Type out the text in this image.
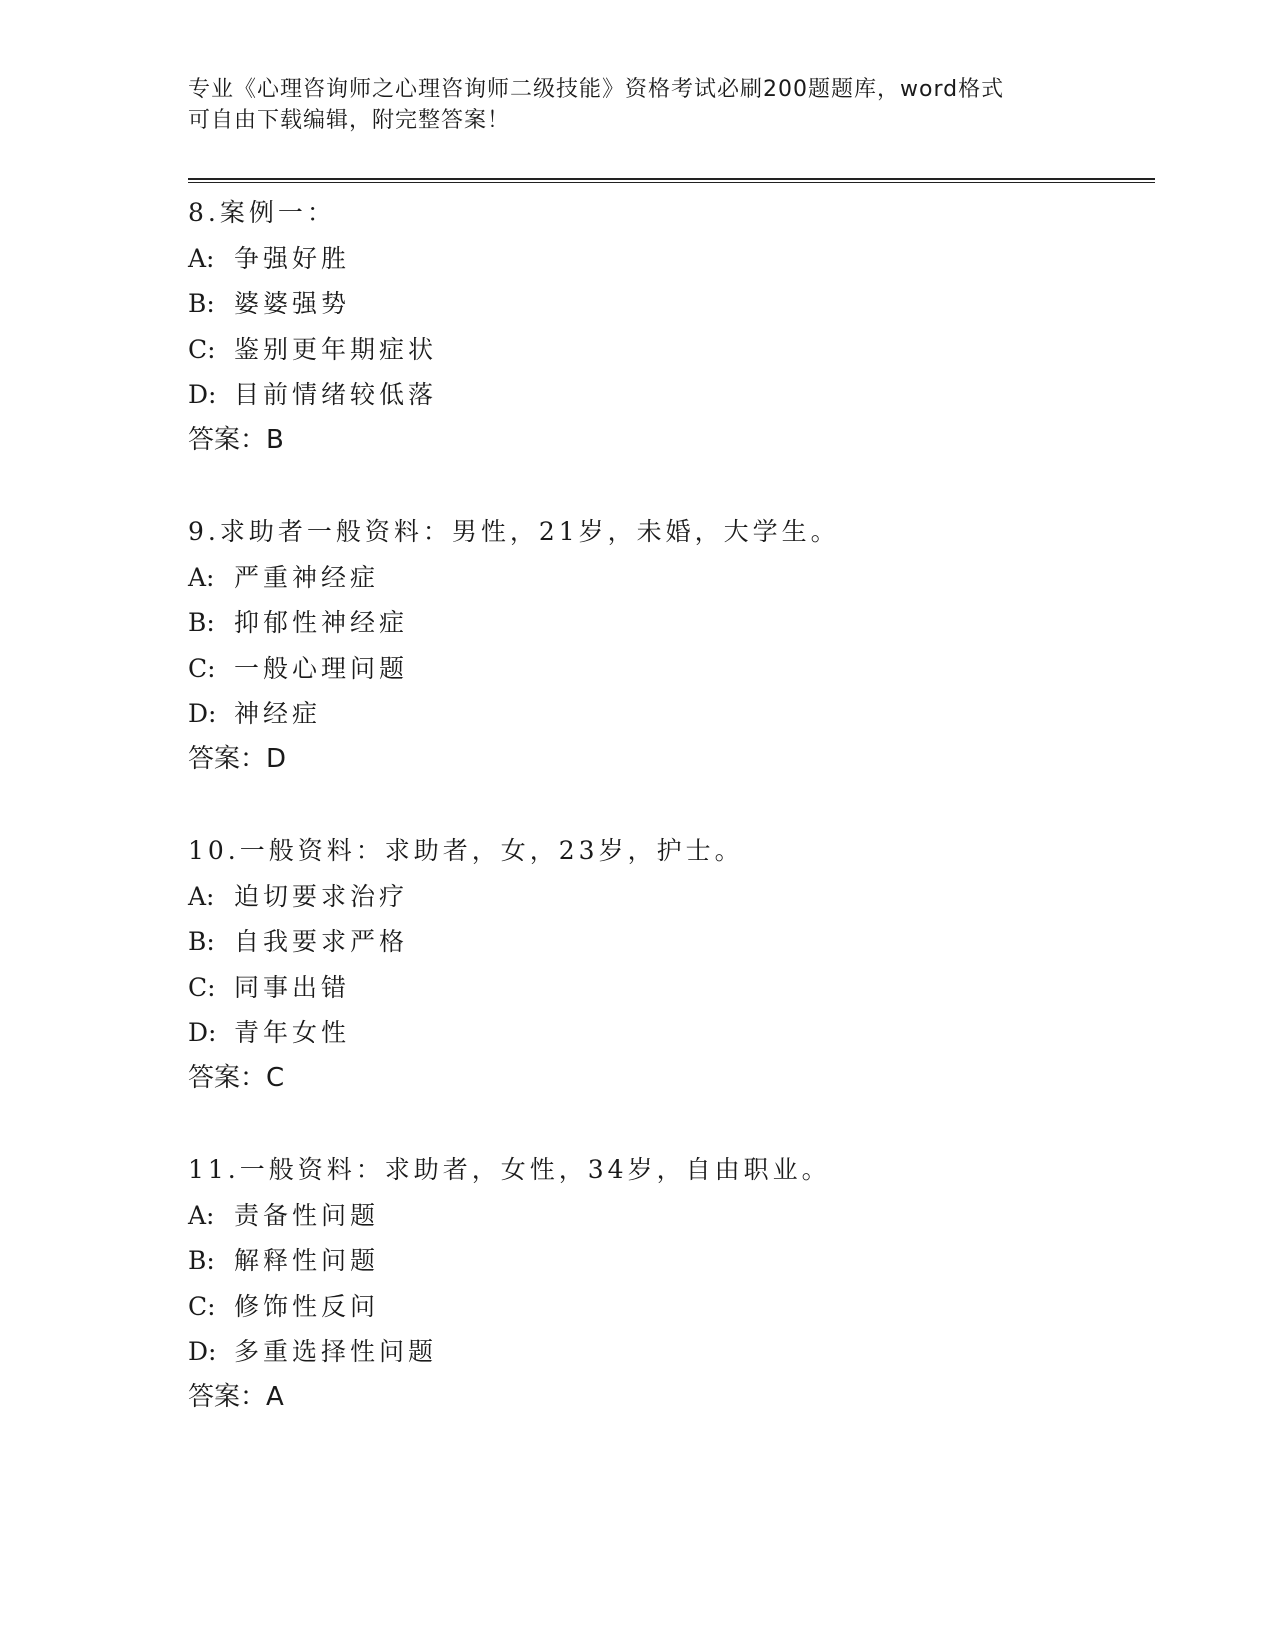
专业《心理咨询师之心理咨询师二级技能》资格考试必刷200题题库，word格式
可自由下载编辑，附完整答案！
8.案例一：
A: 争强好胜
B: 婆婆强势
C: 鉴别更年期症状
D: 目前情绪较低落
答案：B
9.求助者一般资料：男性，21岁，未婚，大学生。
A: 严重神经症
B: 抑郁性神经症
C: 一般心理问题
D: 神经症
答案：D
10.一般资料：求助者，女，23岁，护士。
A: 迫切要求治疗
B: 自我要求严格
C: 同事出错
D: 青年女性
答案：C
11.一般资料：求助者，女性，34岁，自由职业。
A: 责备性问题
B: 解释性问题
C: 修饰性反问
D: 多重选择性问题
答案：A
